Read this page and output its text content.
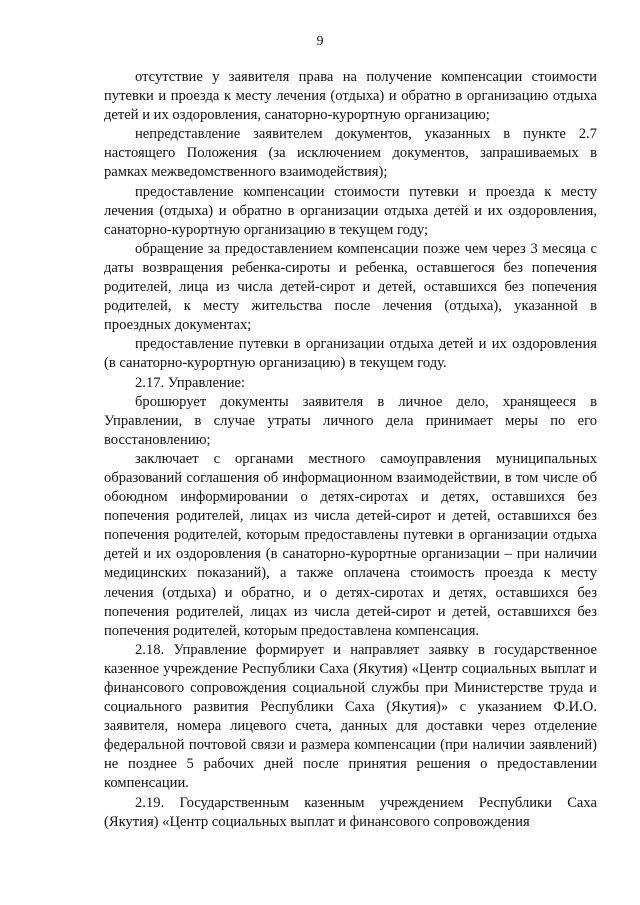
9

отсутствие у заявителя права на получение компенсации стоимости путевки и проезда к месту лечения (отдыха) и обратно в организацию отдыха детей и их оздоровления, санаторно-курортную организацию;

непредставление заявителем документов, указанных в пункте 2.7 настоящего Положения (за исключением документов, запрашиваемых в рамках межведомственного взаимодействия);

предоставление компенсации стоимости путевки и проезда к месту лечения (отдыха) и обратно в организации отдыха детей и их оздоровления, санаторно-курортную организацию в текущем году;

обращение за предоставлением компенсации позже чем через 3 месяца с даты возвращения ребенка-сироты и ребенка, оставшегося без попечения родителей, лица из числа детей-сирот и детей, оставшихся без попечения родителей, к месту жительства после лечения (отдыха), указанной в проездных документах;

предоставление путевки в организации отдыха детей и их оздоровления (в санаторно-курортную организацию) в текущем году.

2.17. Управление:

брошюрует документы заявителя в личное дело, хранящееся в Управлении, в случае утраты личного дела принимает меры по его восстановлению;

заключает с органами местного самоуправления муниципальных образований соглашения об информационном взаимодействии, в том числе об обоюдном информировании о детях-сиротах и детях, оставшихся без попечения родителей, лицах из числа детей-сирот и детей, оставшихся без попечения родителей, которым предоставлены путевки в организации отдыха детей и их оздоровления (в санаторно-курортные организации – при наличии медицинских показаний), а также оплачена стоимость проезда к месту лечения (отдыха) и обратно, и о детях-сиротах и детях, оставшихся без попечения родителей, лицах из числа детей-сирот и детей, оставшихся без попечения родителей, которым предоставлена компенсация.

2.18. Управление формирует и направляет заявку в государственное казенное учреждение Республики Саха (Якутия) «Центр социальных выплат и финансового сопровождения социальной службы при Министерстве труда и социального развития Республики Саха (Якутия)» с указанием Ф.И.О. заявителя, номера лицевого счета, данных для доставки через отделение федеральной почтовой связи и размера компенсации (при наличии заявлений) не позднее 5 рабочих дней после принятия решения о предоставлении компенсации.

2.19. Государственным казенным учреждением Республики Саха (Якутия) «Центр социальных выплат и финансового сопровождения
